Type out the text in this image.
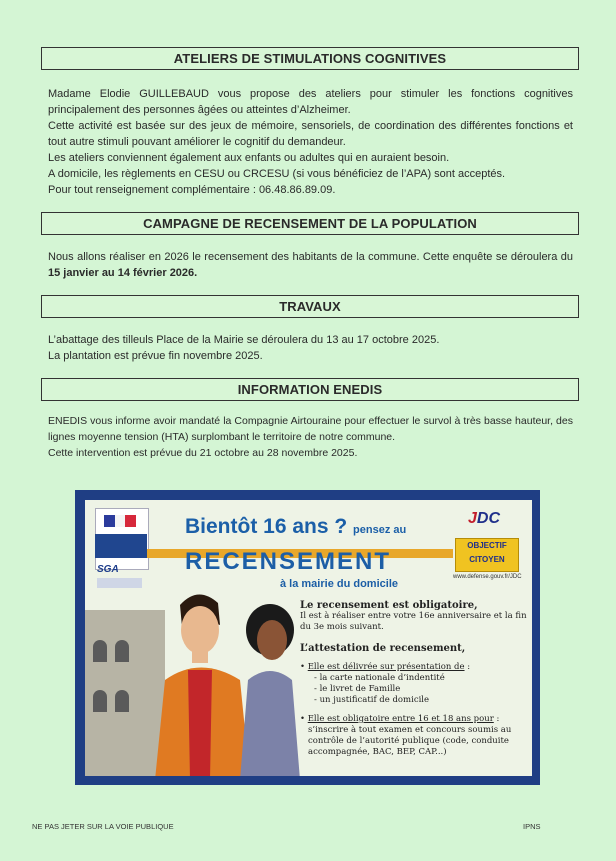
ATELIERS DE STIMULATIONS COGNITIVES

Madame Elodie GUILLEBAUD vous propose des ateliers pour stimuler les fonctions cognitives principalement des personnes âgées ou atteintes d’Alzheimer.

Cette activité est basée sur des jeux de mémoire, sensoriels, de coordination des différentes fonctions et tout autre stimuli pouvant améliorer le cognitif du demandeur.

Les ateliers conviennent également aux enfants ou adultes qui en auraient besoin.

A domicile, les règlements en CESU ou CRCESU (si vous bénéficiez de l’APA) sont acceptés.

Pour tout renseignement complémentaire : 06.48.86.89.09.

CAMPAGNE DE RECENSEMENT DE LA POPULATION

Nous allons réaliser en 2026 le recensement des habitants de la commune. Cette enquête se déroulera du 15 janvier au 14 février 2026.

TRAVAUX

L’abattage des tilleuls Place de la Mairie se déroulera du 13 au 17 octobre 2025.

La plantation est prévue fin novembre 2025.

INFORMATION ENEDIS

ENEDIS vous informe avoir mandaté la Compagnie Airtouraine pour effectuer le survol à très basse hauteur, des lignes moyenne tension (HTA) surplombant le territoire de notre commune.

Cette intervention est prévue du 21 octobre au 28 novembre 2025.

SGA
Bientôt 16 ans ? pensez au
RECENSEMENT
à la mairie du domicile
JDC
OBJECTIF
CITOYEN
www.defense.gouv.fr/JDC

Le recensement est obligatoire,

Il est à réaliser entre votre 16e anniversaire et la fin du 3e mois suivant.

L’attestation de recensement,

• Elle est délivrée sur présentation de :

- la carte nationale d’indentité

- le livret de Famille

- un justificatif de domicile

• Elle est obligatoire entre 16 et 18 ans pour :

s’inscrire à tout examen et concours soumis au contrôle de l’autorité publique (code, conduite accompagnée, BAC, BEP, CAP...)

NE PAS JETER SUR LA VOIE PUBLIQUE	IPNS
